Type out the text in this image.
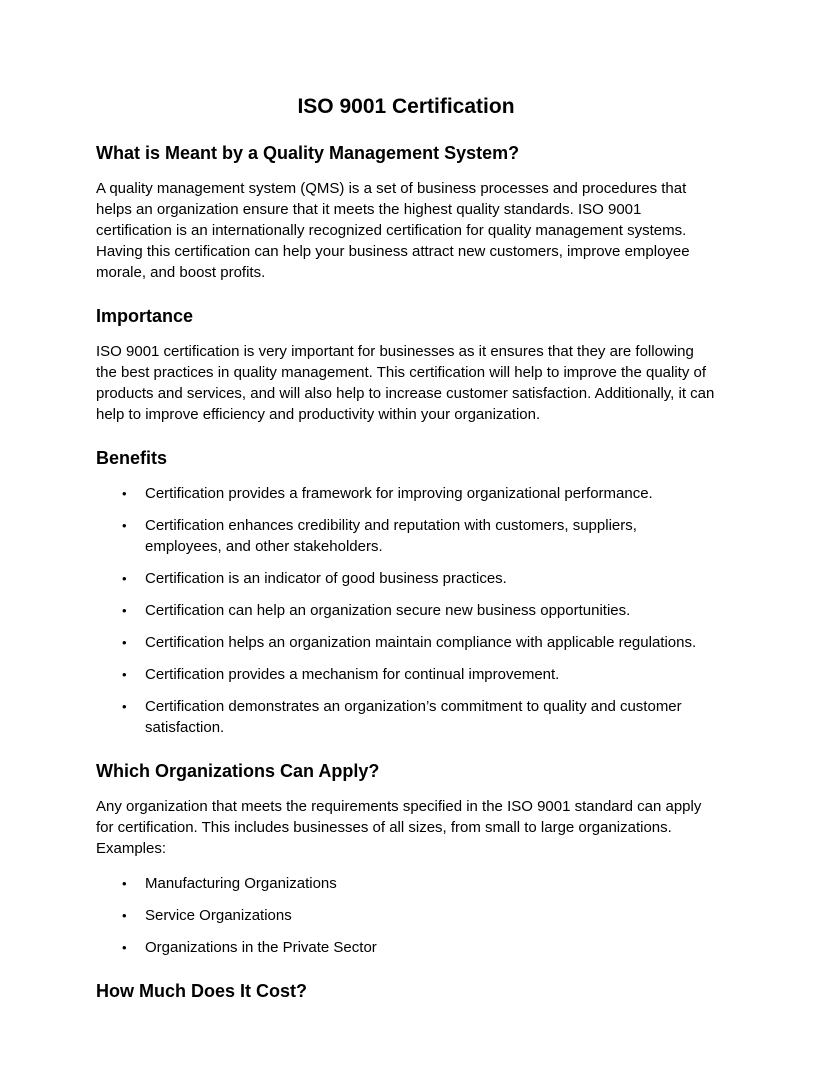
ISO 9001 Certification
What is Meant by a Quality Management System?

A quality management system (QMS) is a set of business processes and procedures that helps an organization ensure that it meets the highest quality standards. ISO 9001 certification is an internationally recognized certification for quality management systems. Having this certification can help your business attract new customers, improve employee morale, and boost profits.

Importance

ISO 9001 certification is very important for businesses as it ensures that they are following the best practices in quality management. This certification will help to improve the quality of products and services, and will also help to increase customer satisfaction. Additionally, it can help to improve efficiency and productivity within your organization.

Benefits
• Certification provides a framework for improving organizational performance.
• Certification enhances credibility and reputation with customers, suppliers, employees, and other stakeholders.
• Certification is an indicator of good business practices.
• Certification can help an organization secure new business opportunities.
• Certification helps an organization maintain compliance with applicable regulations.
• Certification provides a mechanism for continual improvement.
• Certification demonstrates an organization’s commitment to quality and customer satisfaction.
Which Organizations Can Apply?

Any organization that meets the requirements specified in the ISO 9001 standard can apply for certification. This includes businesses of all sizes, from small to large organizations. Examples:

• Manufacturing Organizations
• Service Organizations
• Organizations in the Private Sector
How Much Does It Cost?
